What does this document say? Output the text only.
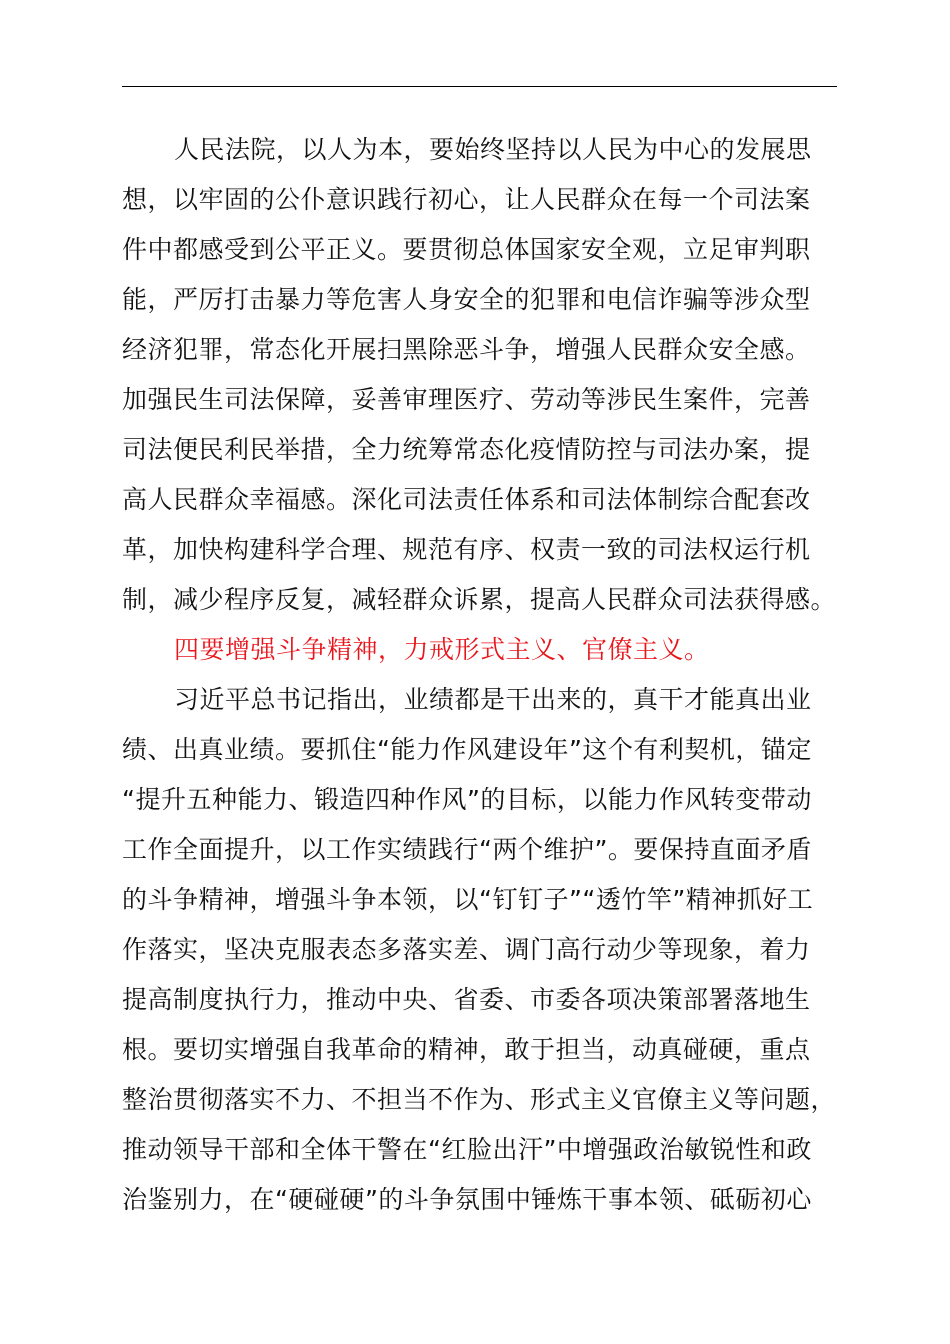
人民法院，以人为本，要始终坚持以人民为中心的发展思
想，以牢固的公仆意识践行初心，让人民群众在每一个司法案
件中都感受到公平正义。要贯彻总体国家安全观，立足审判职
能，严厉打击暴力等危害人身安全的犯罪和电信诈骗等涉众型
经济犯罪，常态化开展扫黑除恶斗争，增强人民群众安全感。
加强民生司法保障，妥善审理医疗、劳动等涉民生案件，完善
司法便民利民举措，全力统筹常态化疫情防控与司法办案，提
高人民群众幸福感。深化司法责任体系和司法体制综合配套改
革，加快构建科学合理、规范有序、权责一致的司法权运行机
制，减少程序反复，减轻群众诉累，提高人民群众司法获得感。
四要增强斗争精神，力戒形式主义、官僚主义。
习近平总书记指出，业绩都是干出来的，真干才能真出业
绩、出真业绩。要抓住“能力作风建设年”这个有利契机，锚定
“提升五种能力、锻造四种作风”的目标，以能力作风转变带动
工作全面提升，以工作实绩践行“两个维护”。要保持直面矛盾
的斗争精神，增强斗争本领，以“钉钉子”“透竹竿”精神抓好工
作落实，坚决克服表态多落实差、调门高行动少等现象，着力
提高制度执行力，推动中央、省委、市委各项决策部署落地生
根。要切实增强自我革命的精神，敢于担当，动真碰硬，重点
整治贯彻落实不力、不担当不作为、形式主义官僚主义等问题，
推动领导干部和全体干警在“红脸出汗”中增强政治敏锐性和政
治鉴别力，在“硬碰硬”的斗争氛围中锤炼干事本领、砥砺初心
